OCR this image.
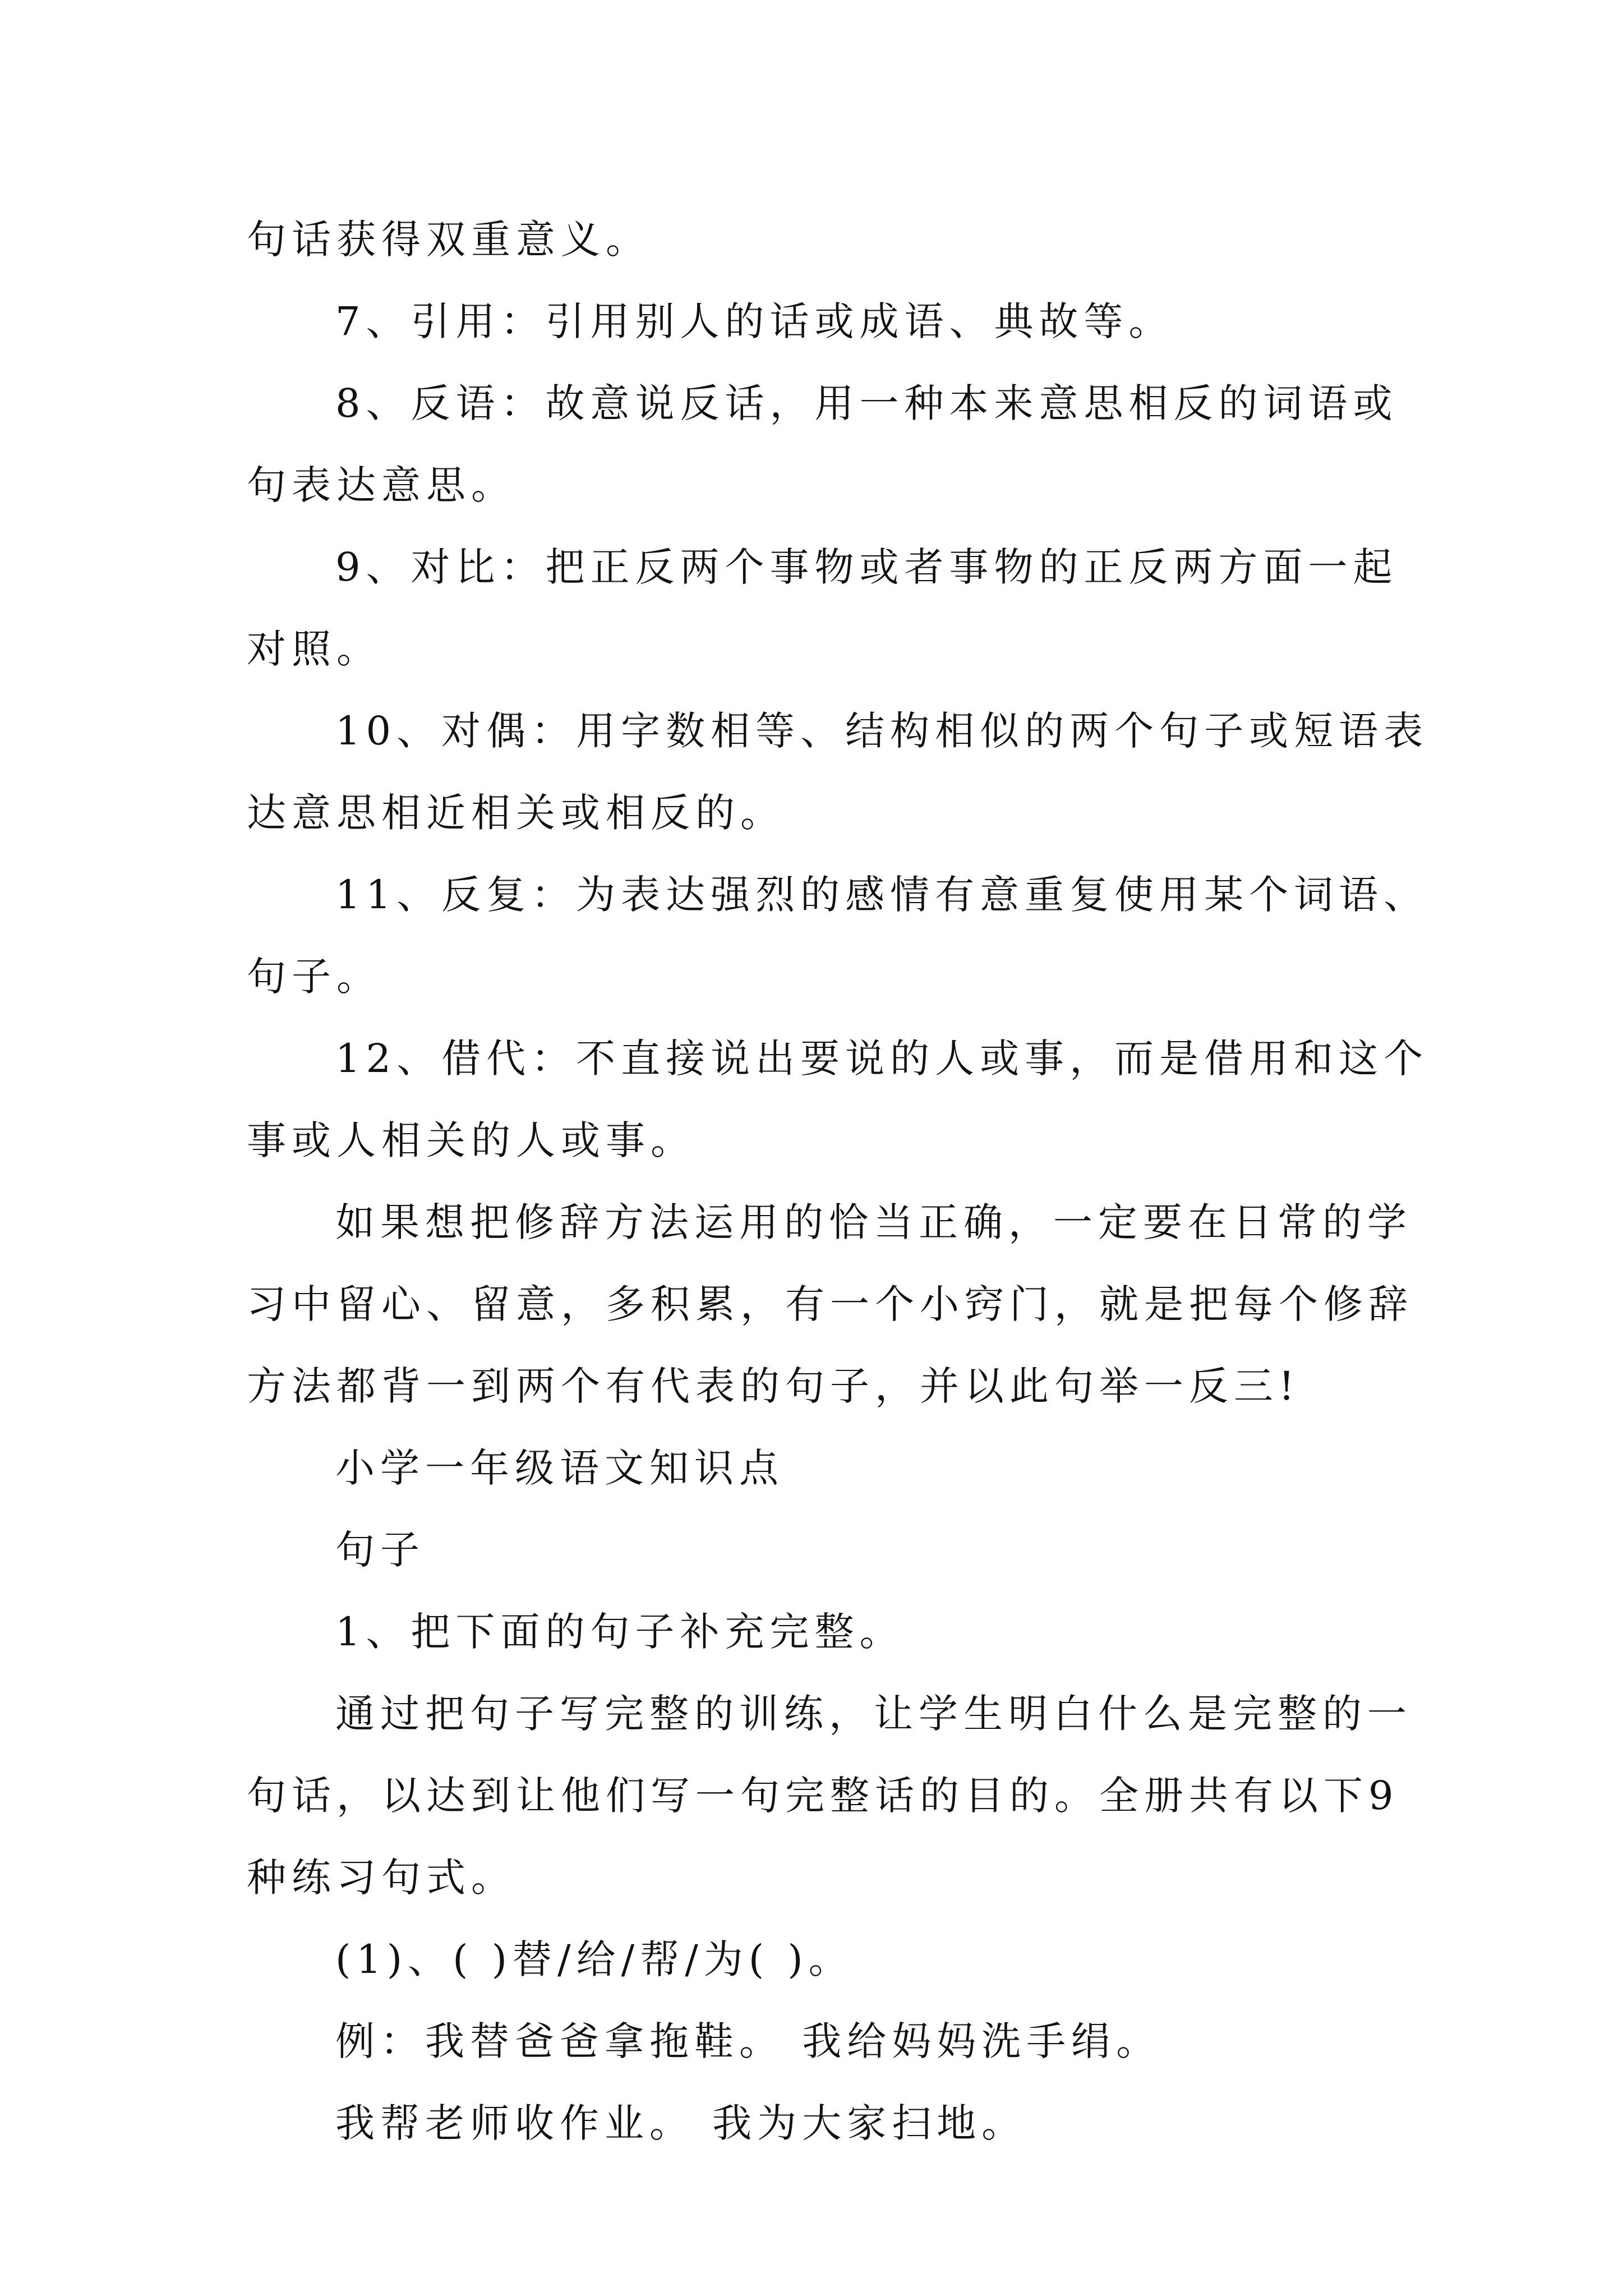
句话获得双重意义。
7、引用：引用别人的话或成语、典故等。
8、反语：故意说反话，用一种本来意思相反的词语或
句表达意思。
9、对比：把正反两个事物或者事物的正反两方面一起
对照。
10、对偶：用字数相等、结构相似的两个句子或短语表
达意思相近相关或相反的。
11、反复：为表达强烈的感情有意重复使用某个词语、
句子。
12、借代：不直接说出要说的人或事，而是借用和这个
事或人相关的人或事。
如果想把修辞方法运用的恰当正确，一定要在日常的学
习中留心、留意，多积累，有一个小窍门，就是把每个修辞
方法都背一到两个有代表的句子，并以此句举一反三!
小学一年级语文知识点
句子
1、把下面的句子补充完整。
通过把句子写完整的训练，让学生明白什么是完整的一
句话，以达到让他们写一句完整话的目的。全册共有以下9
种练习句式。
(1)、( )替/给/帮/为( )。
例：我替爸爸拿拖鞋。 我给妈妈洗手绢。
我帮老师收作业。 我为大家扫地。
